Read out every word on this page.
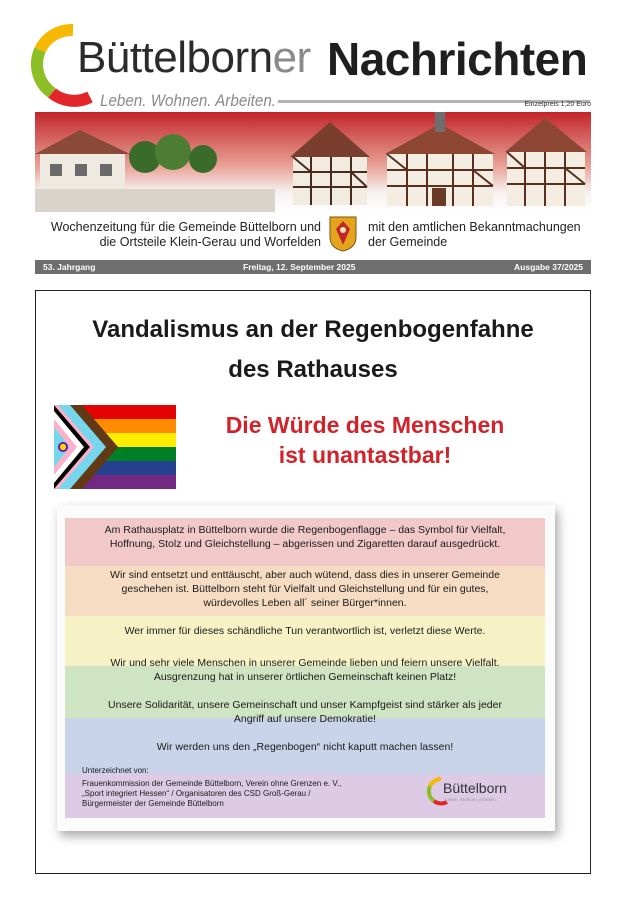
Büttelborner Nachrichten
Leben. Wohnen. Arbeiten.	Einzelpreis 1,20 Euro
Wochenzeitung für die Gemeinde Büttelborn und
die Ortsteile Klein-Gerau und Worfelden
mit den amtlichen Bekanntmachungen
der Gemeinde
53. Jahrgang	Freitag, 12. September 2025	Ausgabe 37/2025
Vandalismus an der Regenbogenfahne
des Rathauses
Die Würde des Menschen
ist unantastbar!
Am Rathausplatz in Büttelborn wurde die Regenbogenflagge – das Symbol für Vielfalt,
Hoffnung, Stolz und Gleichstellung – abgerissen und Zigaretten darauf ausgedrückt.
Wir sind entsetzt und enttäuscht, aber auch wütend, dass dies in unserer Gemeinde
geschehen ist. Büttelborn steht für Vielfalt und Gleichstellung und für ein gutes,
würdevolles Leben all´ seiner Bürger*innen.
Wer immer für dieses schändliche Tun verantwortlich ist, verletzt diese Werte.
Wir und sehr viele Menschen in unserer Gemeinde lieben und feiern unsere Vielfalt.
Ausgrenzung hat in unserer örtlichen Gemeinschaft keinen Platz!
Unsere Solidarität, unsere Gemeinschaft und unser Kampfgeist sind stärker als jeder
Angriff auf unsere Demokratie!
Wir werden uns den „Regenbogen“ nicht kaputt machen lassen!
Unterzeichnet von:
Frauenkommission der Gemeinde Büttelborn, Verein ohne Grenzen e. V.,
„Sport integriert Hessen“ / Organisatoren des CSD Groß-Gerau /
Bürgermeister der Gemeinde Büttelborn
Büttelborn
Leben. Wohnen. Arbeiten.
